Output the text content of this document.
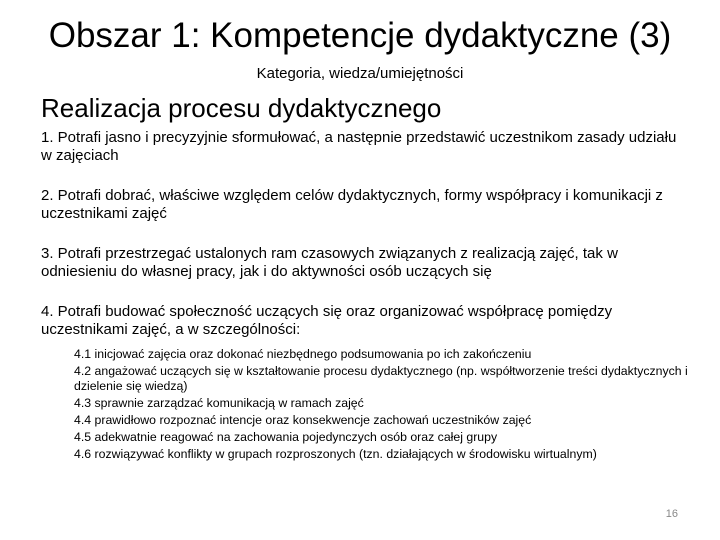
Obszar 1: Kompetencje dydaktyczne (3)
Kategoria, wiedza/umiejętności
Realizacja procesu dydaktycznego

1. Potrafi jasno i precyzyjnie sformułować, a następnie przedstawić uczestnikom zasady udziału w zajęciach

2. Potrafi dobrać, właściwe względem celów dydaktycznych, formy współpracy i komunikacji z uczestnikami zajęć

3. Potrafi przestrzegać ustalonych ram czasowych związanych z realizacją zajęć, tak w odniesieniu do własnej pracy, jak i do aktywności osób uczących się

4. Potrafi budować społeczność uczących się oraz organizować współpracę pomiędzy uczestnikami zajęć, a w szczególności:

4.1 inicjować zajęcia oraz dokonać niezbędnego podsumowania po ich zakończeniu
4.2 angażować uczących się w kształtowanie procesu dydaktycznego (np. współtworzenie treści dydaktycznych i dzielenie się wiedzą)
4.3 sprawnie zarządzać komunikacją w ramach zajęć
4.4 prawidłowo rozpoznać intencje oraz konsekwencje zachowań uczestników zajęć
4.5 adekwatnie reagować na zachowania pojedynczych osób oraz całej grupy
4.6 rozwiązywać konflikty w grupach rozproszonych (tzn. działających w środowisku wirtualnym)
16
